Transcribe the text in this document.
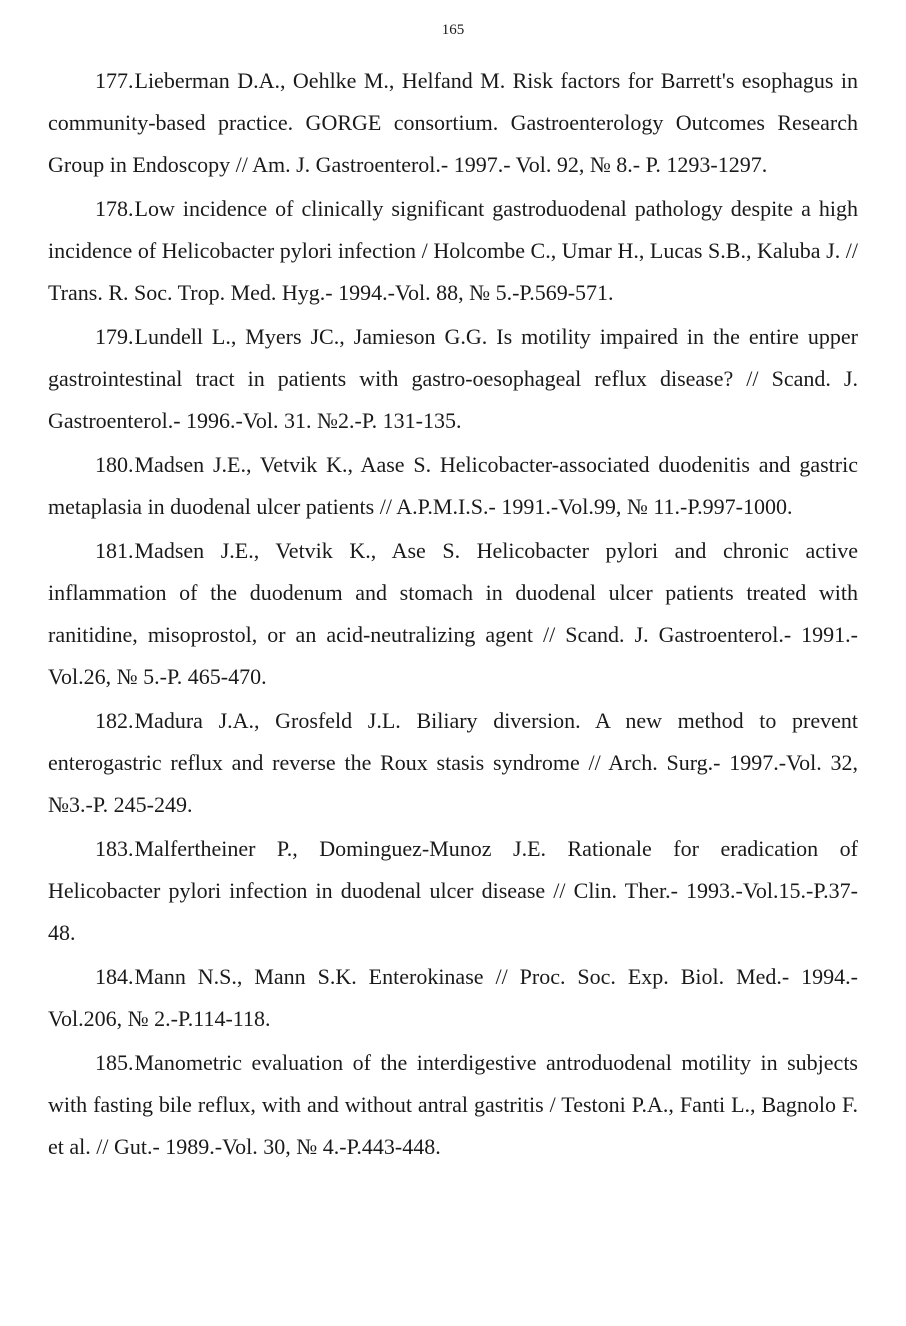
165
177.Lieberman D.A., Oehlke M., Helfand M. Risk factors for Barrett's esophagus in community-based practice. GORGE consortium. Gastroenterology Outcomes Research Group in Endoscopy // Am. J. Gastroenterol.- 1997.- Vol. 92, № 8.- P. 1293-1297.
178.Low incidence of clinically significant gastroduodenal pathology despite a high incidence of Helicobacter pylori infection / Holcombe C., Umar H., Lucas S.B., Kaluba J. // Trans. R. Soc. Trop. Med. Hyg.- 1994.-Vol. 88, № 5.-P.569-571.
179.Lundell L., Myers JC., Jamieson G.G. Is motility impaired in the entire upper gastrointestinal tract in patients with gastro-oesophageal reflux disease? // Scand. J. Gastroenterol.- 1996.-Vol. 31. №2.-P. 131-135.
180.Madsen J.E., Vetvik K., Aase S. Helicobacter-associated duodenitis and gastric metaplasia in duodenal ulcer patients // A.P.M.I.S.- 1991.-Vol.99, № 11.-P.997-1000.
181.Madsen J.E., Vetvik K., Ase S. Helicobacter pylori and chronic active inflammation of the duodenum and stomach in duodenal ulcer patients treated with ranitidine, misoprostol, or an acid-neutralizing agent // Scand. J. Gastroenterol.- 1991.-Vol.26, № 5.-P. 465-470.
182.Madura J.A., Grosfeld J.L. Biliary diversion. A new method to prevent enterogastric reflux and reverse the Roux stasis syndrome // Arch. Surg.- 1997.-Vol. 32, №3.-P. 245-249.
183.Malfertheiner P., Dominguez-Munoz J.E. Rationale for eradication of Helicobacter pylori infection in duodenal ulcer disease // Clin. Ther.- 1993.-Vol.15.-P.37-48.
184.Mann N.S., Mann S.K. Enterokinase // Proc. Soc. Exp. Biol. Med.- 1994.-Vol.206, № 2.-P.114-118.
185.Manometric evaluation of the interdigestive antroduodenal motility in subjects with fasting bile reflux, with and without antral gastritis / Testoni P.A., Fanti L., Bagnolo F. et al. // Gut.- 1989.-Vol. 30, № 4.-P.443-448.
